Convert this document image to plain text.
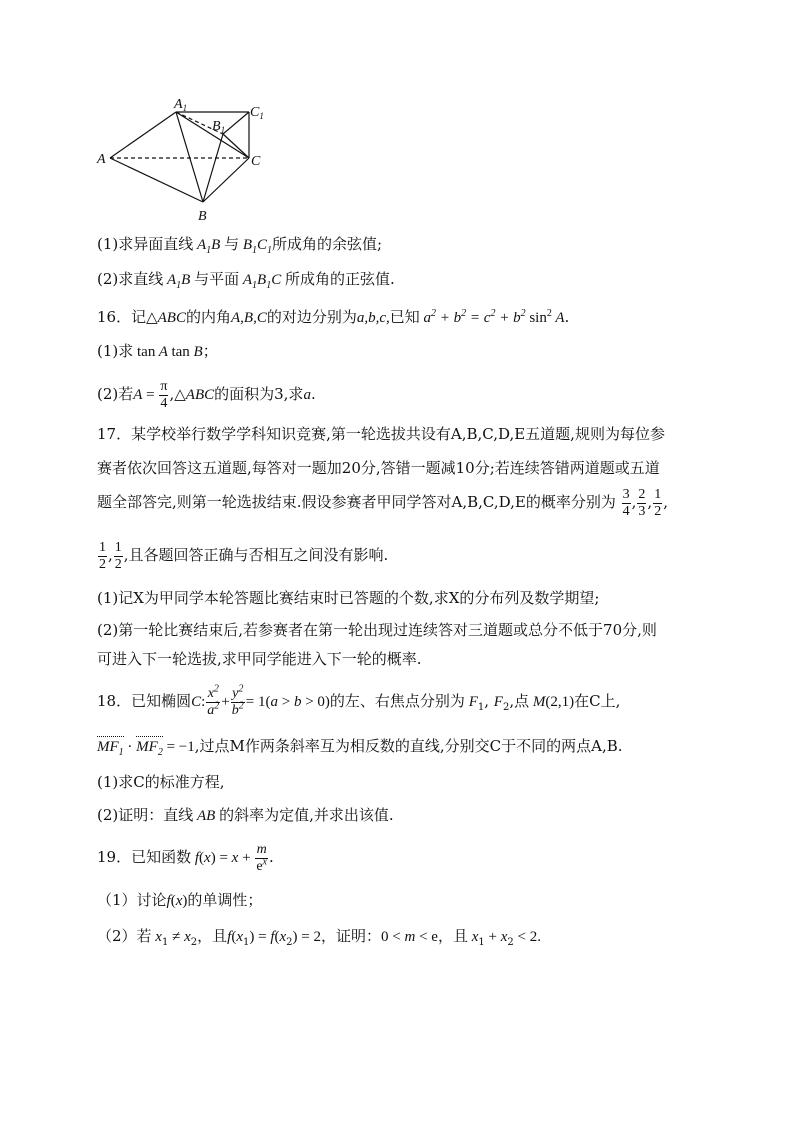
$A_1$	$C_1$
$B_1$
A	C
B
(1)求异面直线 $A_1B$ 与 $B_1C_1$所成角的余弦值;
(2)求直线 $A_1B$ 与平面 $A_1B_1C$ 所成角的正弦值.
16．记△ABC的内角A,B,C的对边分别为a,b,c,已知 $a^2 + b^2 = c^2 + b^2$ $\sin^2 A$.
(1)求 tan A tan B；
(2)若$A = \frac{\pi}{4}$ ,△ABC的面积为3,求a.
17．某学校举行数学学科知识竞赛,第一轮选拔共设有A,B,C,D,E五道题,规则为每位参
赛者依次回答这五道题,每答对一题加20分,答错一题减10分;若连续答错两道题或五道
题全部答完,则第一轮选拔结束.假设参赛者甲同学答对A,B,C,D,E的概率分别为 $\frac{3}{4}$ , $\frac{2}{3}$ , $\frac{1}{2}$ ,
$\frac{1}{2}$ , $\frac{1}{2}$ ,且各题回答正确与否相互之间没有影响.
(1)记X为甲同学本轮答题比赛结束时已答题的个数,求X的分布列及数学期望;
(2)第一轮比赛结束后,若参赛者在第一轮出现过连续答对三道题或总分不低于70分,则
可进入下一轮选拔,求甲同学能进入下一轮的概率.
18．已知椭圆C: $\frac{x^2}{a^2} + \frac{y^2}{b^2} = 1(a > b > 0)$的左、右焦点分别为 $F_1$, $F_2$,点 M(2,1)在C上,
$MF_1 \cdot MF_2 = -1$,过点M作两条斜率互为相反数的直线,分别交C于不同的两点A,B.
(1)求C的标准方程,
(2)证明：直线 AB 的斜率为定值,并求出该值.
19．已知函数 $f(x) = x + \frac{m}{e^x}$ .
（1）讨论f(x)的单调性；
（2）若 $x_1 \ne x_2$，且$f(x_1) = f(x_2) = 2$，证明：0 < m < e，且 $x_1 + x_2 < 2$.
